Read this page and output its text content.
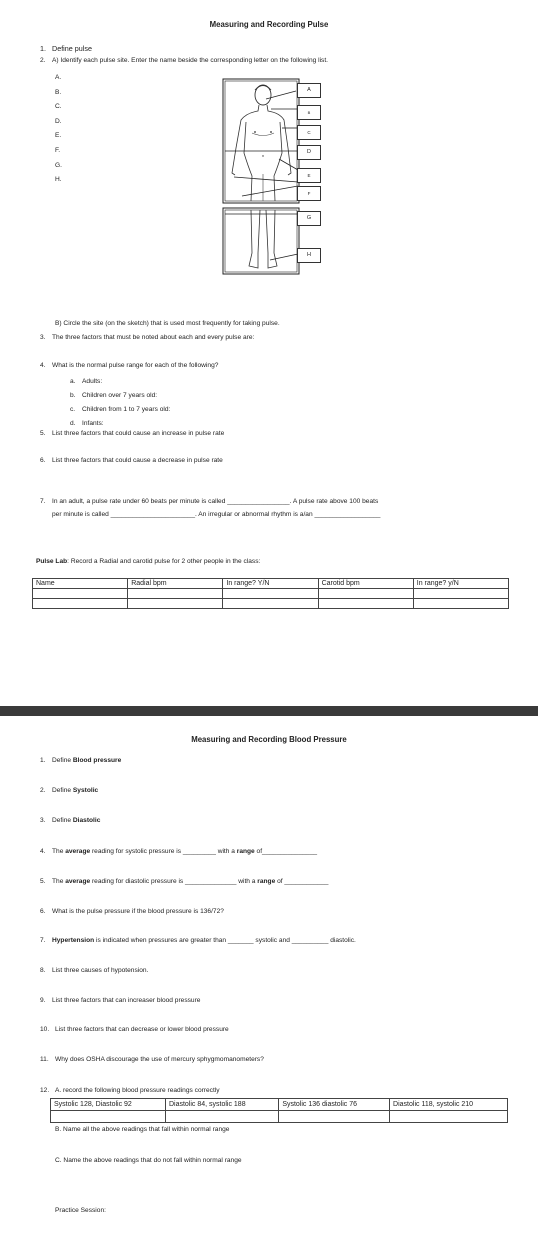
Measuring and Recording Pulse
1. Define pulse
2. A) Identify each pulse site. Enter the name beside the corresponding letter on the following list.
A.
B.
C.
D.
E.
F.
G.
H.
A
B
C
D
E
F
G
H
B) Circle the site (on the sketch) that is used most frequently for taking pulse.
3. The three factors that must be noted about each and every pulse are:
4. What is the normal pulse range for each of the following?
a. Adults:
b. Children over 7 years old:
c. Children from 1 to 7 years old:
d. Infants:
5. List three factors that could cause an increase in pulse rate
6. List three factors that could cause a decrease in pulse rate
7. In an adult, a pulse rate under 60 beats per minute is called _________________. A pulse rate above 100 beats
per minute is called _______________________. An irregular or abnormal rhythm is a/an __________________
Pulse Lab: Record a Radial and carotid pulse for 2 other people in the class:
Name	Radial bpm	In range? Y/N	Carotid bpm	In range? y/N

Measuring and Recording Blood Pressure
1. Define Blood pressure
2. Define Systolic
3. Define Diastolic
4. The average reading for systolic pressure is _________ with a range of_______________
5. The average reading for diastolic pressure is ______________ with a range of ____________
6. What is the pulse pressure if the blood pressure is 136/72?
7. Hypertension is indicated when pressures are greater than _______ systolic and __________ diastolic.
8. List three causes of hypotension.
9. List three factors that can increaser blood pressure
10. List three factors that can decrease or lower blood pressure
11. Why does OSHA discourage the use of mercury sphygmomanometers?
12. A. record the following blood pressure readings correctly
Systolic 128, Diastolic 92	Diastolic 84, systolic 188	Systolic 136 diastolic 76	Diastolic 118, systolic 210

B. Name all the above readings that fall within normal range
C. Name the above readings that do not fall within normal range
Practice Session:
